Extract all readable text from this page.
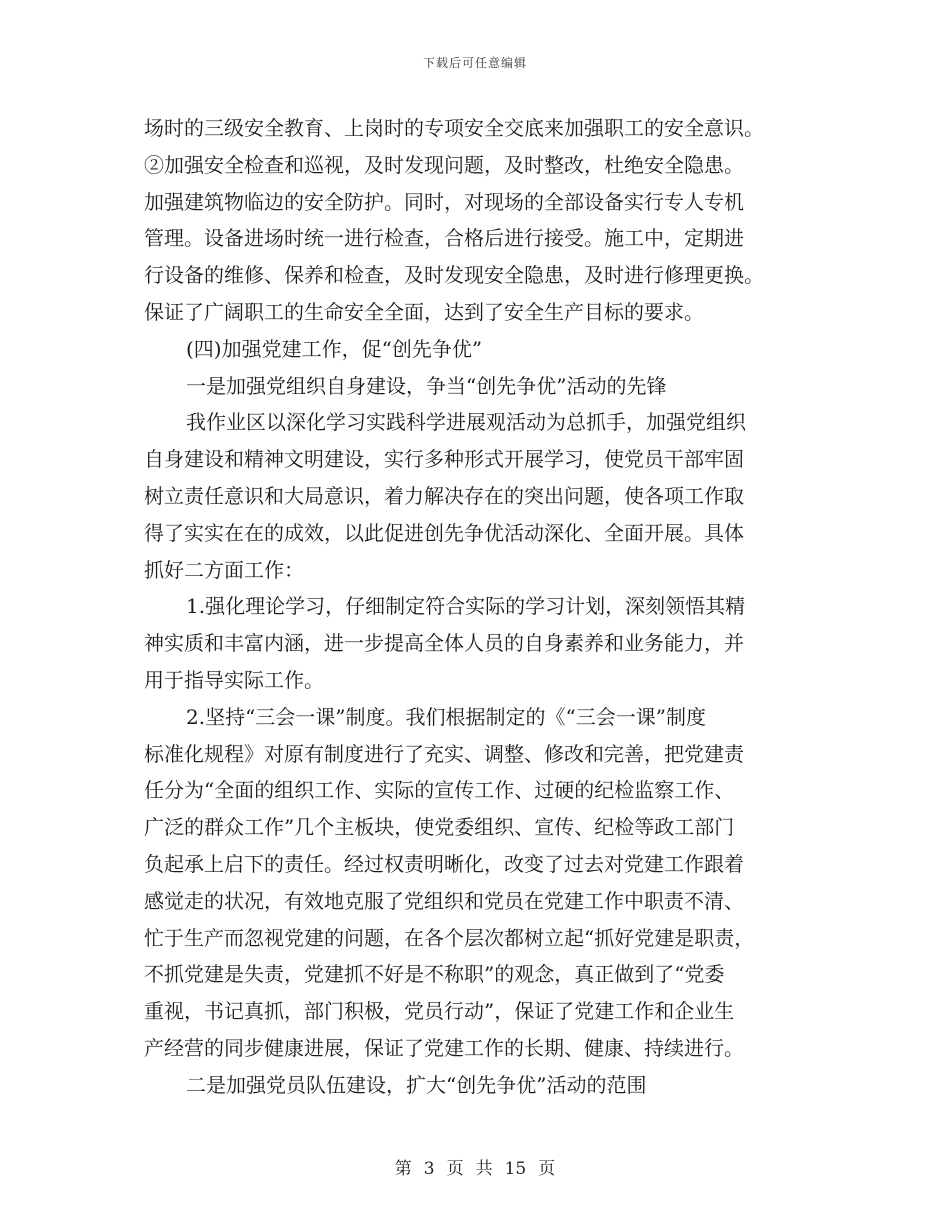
下载后可任意编辑
场时的三级安全教育、上岗时的专项安全交底来加强职工的安全意识。
②加强安全检查和巡视，及时发现问题，及时整改，杜绝安全隐患。
加强建筑物临边的安全防护。同时，对现场的全部设备实行专人专机
管理。设备进场时统一进行检查，合格后进行接受。施工中，定期进
行设备的维修、保养和检查，及时发现安全隐患，及时进行修理更换。
保证了广阔职工的生命安全全面，达到了安全生产目标的要求。
(四)加强党建工作，促“创先争优”
一是加强党组织自身建设，争当“创先争优”活动的先锋
我作业区以深化学习实践科学进展观活动为总抓手，加强党组织
自身建设和精神文明建设，实行多种形式开展学习，使党员干部牢固
树立责任意识和大局意识，着力解决存在的突出问题，使各项工作取
得了实实在在的成效，以此促进创先争优活动深化、全面开展。具体
抓好二方面工作：
1.强化理论学习，仔细制定符合实际的学习计划，深刻领悟其精
神实质和丰富内涵，进一步提高全体人员的自身素养和业务能力，并
用于指导实际工作。
2.坚持“三会一课”制度。我们根据制定的《“三会一课”制度
标准化规程》对原有制度进行了充实、调整、修改和完善，把党建责
任分为“全面的组织工作、实际的宣传工作、过硬的纪检监察工作、
广泛的群众工作”几个主板块，使党委组织、宣传、纪检等政工部门
负起承上启下的责任。经过权责明晰化，改变了过去对党建工作跟着
感觉走的状况，有效地克服了党组织和党员在党建工作中职责不清、
忙于生产而忽视党建的问题，在各个层次都树立起“抓好党建是职责，
不抓党建是失责，党建抓不好是不称职”的观念，真正做到了“党委
重视，书记真抓，部门积极，党员行动”，保证了党建工作和企业生
产经营的同步健康进展，保证了党建工作的长期、健康、持续进行。
二是加强党员队伍建设，扩大“创先争优”活动的范围
第 3 页 共 15 页
